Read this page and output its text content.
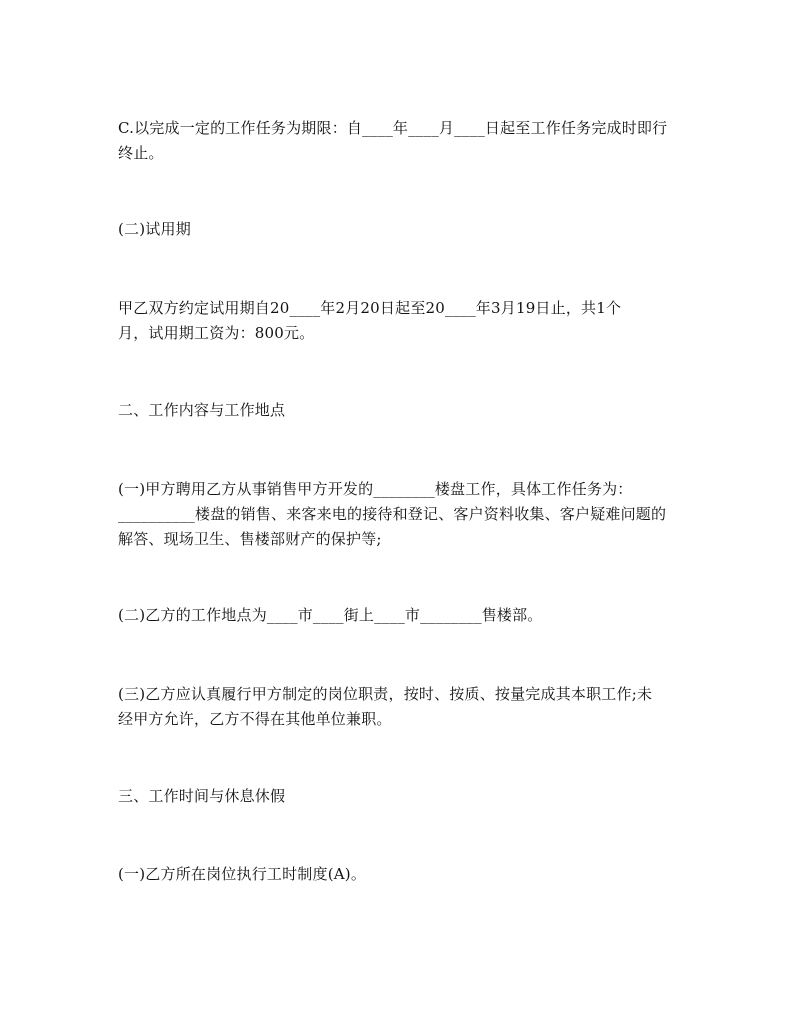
C.以完成一定的工作任务为期限：自____年____月____日起至工作任务完成时即行
终止。

(二)试用期

甲乙双方约定试用期自20____年2月20日起至20____年3月19日止，共1个
月，试用期工资为：800元。

二、工作内容与工作地点

(一)甲方聘用乙方从事销售甲方开发的________楼盘工作，具体工作任务为：
__________楼盘的销售、来客来电的接待和登记、客户资料收集、客户疑难问题的
解答、现场卫生、售楼部财产的保护等;

(二)乙方的工作地点为____市____街上____市________售楼部。

(三)乙方应认真履行甲方制定的岗位职责，按时、按质、按量完成其本职工作;未
经甲方允许，乙方不得在其他单位兼职。

三、工作时间与休息休假

(一)乙方所在岗位执行工时制度(A)。
